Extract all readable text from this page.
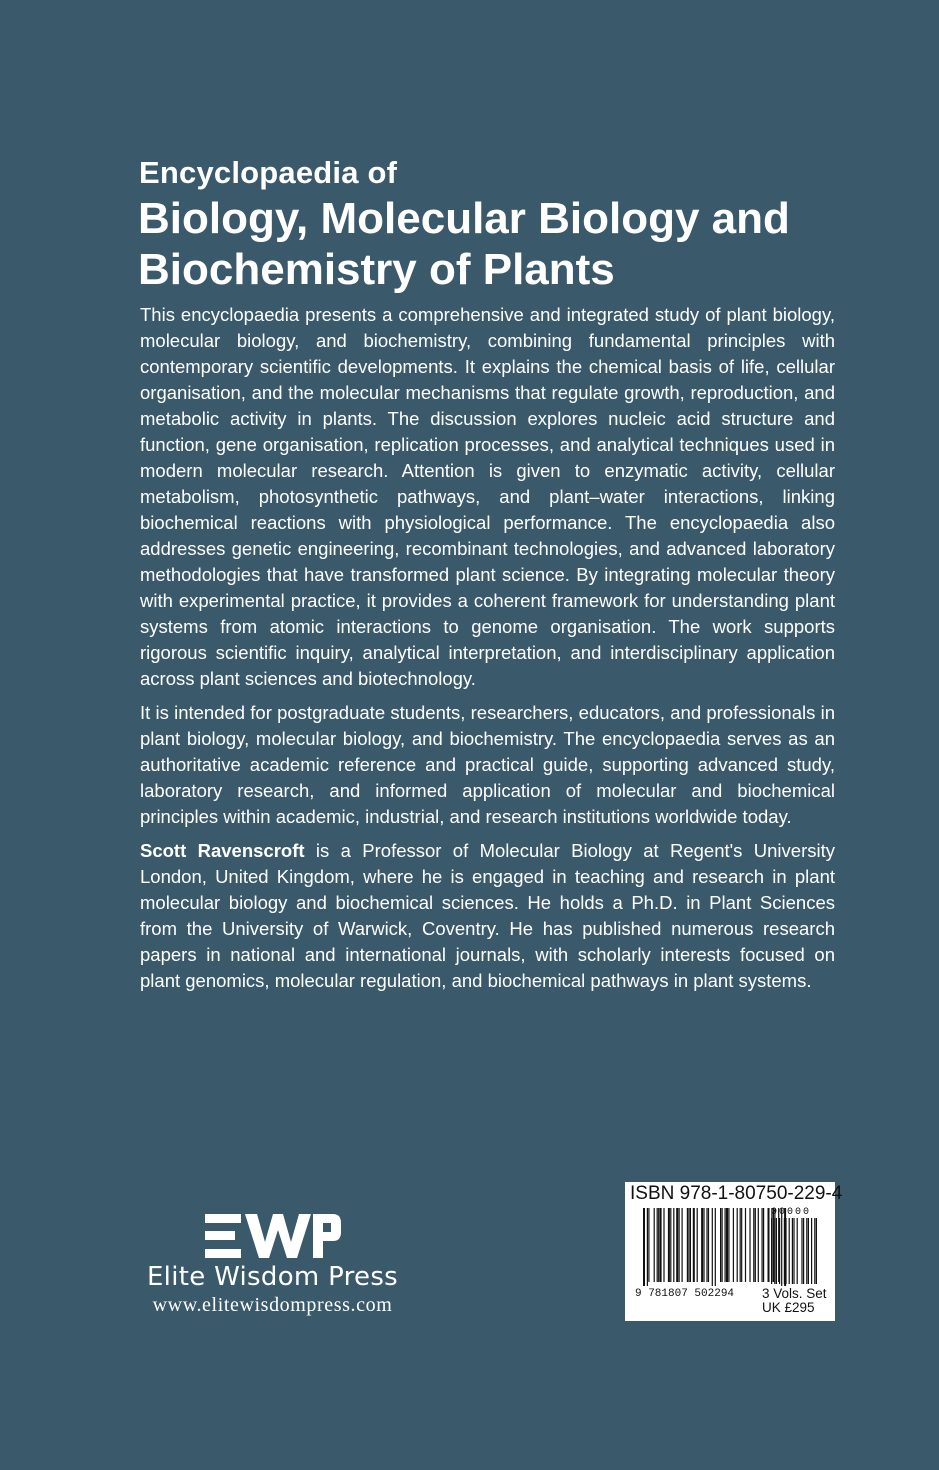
Encyclopaedia of
Biology, Molecular Biology and
Biochemistry of Plants

This encyclopaedia presents a comprehensive and integrated study of plant biology, molecular biology, and biochemistry, combining fundamental principles with contemporary scientific developments. It explains the chemical basis of life, cellular organisation, and the molecular mechanisms that regulate growth, reproduction, and metabolic activity in plants. The discussion explores nucleic acid structure and function, gene organisation, replication processes, and analytical techniques used in modern molecular research. Attention is given to enzymatic activity, cellular metabolism, photosynthetic pathways, and plant–water interactions, linking biochemical reactions with physiological performance. The encyclopaedia also addresses genetic engineering, recombinant technologies, and advanced laboratory methodologies that have transformed plant science. By integrating molecular theory with experimental practice, it provides a coherent framework for understanding plant systems from atomic interactions to genome organisation. The work supports rigorous scientific inquiry, analytical interpretation, and interdisciplinary application across plant sciences and biotechnology.

It is intended for postgraduate students, researchers, educators, and professionals in plant biology, molecular biology, and biochemistry. The encyclopaedia serves as an authoritative academic reference and practical guide, supporting advanced study, laboratory research, and informed application of molecular and biochemical principles within academic, industrial, and research institutions worldwide today.

Scott Ravenscroft is a Professor of Molecular Biology at Regent's University London, United Kingdom, where he is engaged in teaching and research in plant molecular biology and biochemical sciences. He holds a Ph.D. in Plant Sciences from the University of Warwick, Coventry. He has published numerous research papers in national and international journals, with scholarly interests focused on plant genomics, molecular regulation, and biochemical pathways in plant systems.

Elite Wisdom Press
www.elitewisdompress.com
ISBN 978-1-80750-229-4
9 781807 502294
00000
3 Vols. Set
UK £295
